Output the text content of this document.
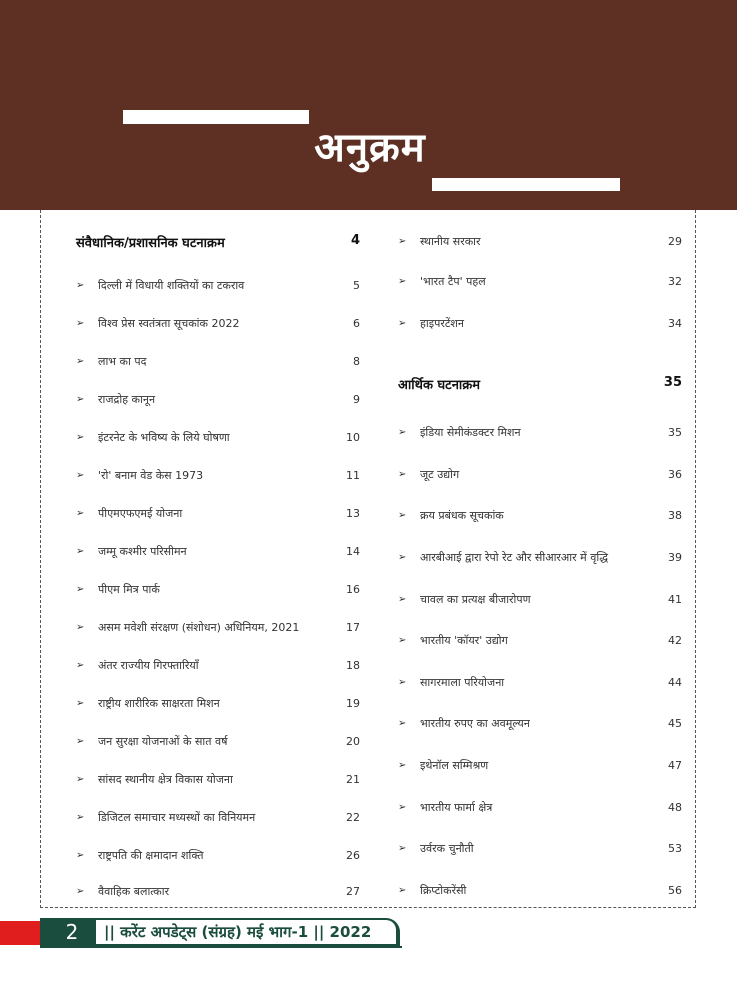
अनुक्रम
संवैधानिक/प्रशासनिक घटनाक्रम	4
➢	दिल्ली में विधायी शक्तियों का टकराव	5
➢	विश्व प्रेस स्वतंत्रता सूचकांक 2022	6
➢	लाभ का पद	8
➢	राजद्रोह कानून	9
➢	इंटरनेट के भविष्य के लिये घोषणा	10
➢	'रो' बनाम वेड केस 1973	11
➢	पीएमएफएमई योजना	13
➢	जम्मू कश्मीर परिसीमन	14
➢	पीएम मित्र पार्क	16
➢	असम मवेशी संरक्षण (संशोधन) अधिनियम, 2021	17
➢	अंतर राज्यीय गिरफ्तारियाँ	18
➢	राष्ट्रीय शारीरिक साक्षरता मिशन	19
➢	जन सुरक्षा योजनाओं के सात वर्ष	20
➢	सांसद स्थानीय क्षेत्र विकास योजना	21
➢	डिजिटल समाचार मध्यस्थों का विनियमन	22
➢	राष्ट्रपति की क्षमादान शक्ति	26
➢	वैवाहिक बलात्कार	27
➢	स्थानीय सरकार	29
➢	'भारत टैप' पहल	32
➢	हाइपरटेंशन	34
आर्थिक घटनाक्रम	35
➢	इंडिया सेमीकंडक्टर मिशन	35
➢	जूट उद्योग	36
➢	क्रय प्रबंधक सूचकांक	38
➢	आरबीआई द्वारा रेपो रेट और सीआरआर में वृद्धि	39
➢	चावल का प्रत्यक्ष बीजारोपण	41
➢	भारतीय 'कॉयर' उद्योग	42
➢	सागरमाला परियोजना	44
➢	भारतीय रुपए का अवमूल्यन	45
➢	इथेनॉल सम्मिश्रण	47
➢	भारतीय फार्मा क्षेत्र	48
➢	उर्वरक चुनौती	53
➢	क्रिप्टोकरेंसी	56
2	|| करेंट अपडेट्स (संग्रह) मई भाग-1 || 2022
